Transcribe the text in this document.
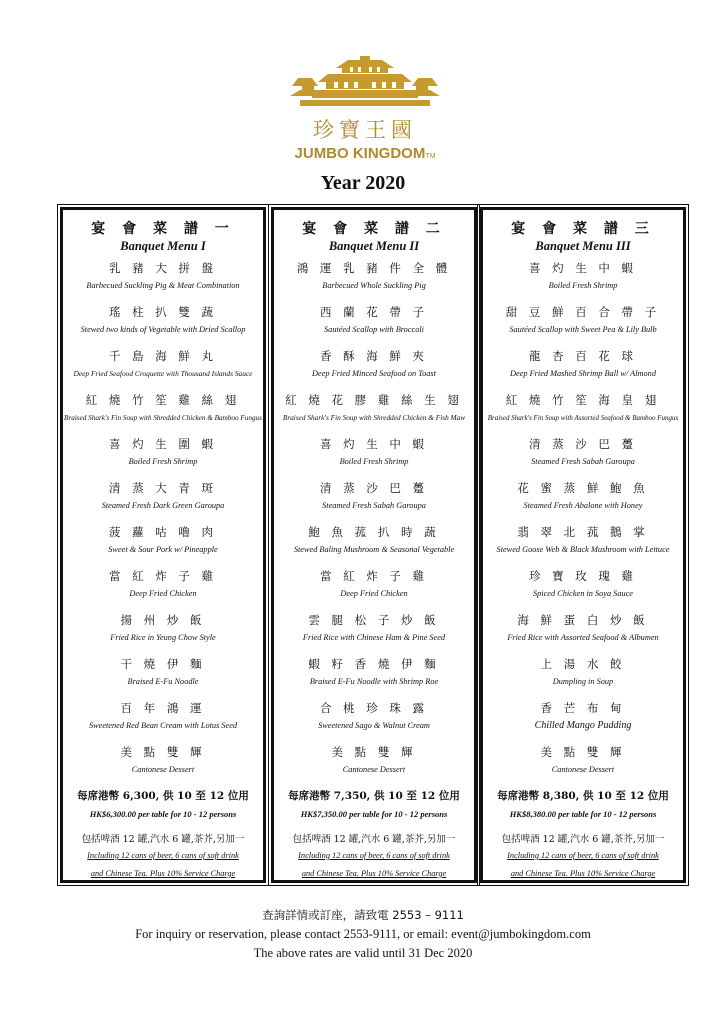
珍寶王國
JUMBO KINGDOMTM
Year 2020
宴 會 菜 譜 一
Banquet Menu I
乳 豬 大 拼 盤
Barbecued Suckling Pig & Meat Combination
瑤 柱 扒 雙 蔬
Stewed two kinds of Vegetable with Dried Scallop
千 島 海 鮮 丸
Deep Fried Seafood Croquette with Thousand Islands Sauce
紅 燒 竹 笙 雞 絲 翅
Braised Shark's Fin Soup with Shredded Chicken & Bamboo Fungus
喜 灼 生 圍 蝦
Boiled Fresh Shrimp
清 蒸 大 青 斑
Steamed Fresh Dark Green Garoupa
菠 蘿 咕 嚕 肉
Sweet & Sour Pork w/ Pineapple
當 紅 炸 子 雞
Deep Fried Chicken
揚 州 炒 飯
Fried Rice in Yeung Chow Style
干 燒 伊 麵
Braised E-Fu Noodle
百 年 鴻 運
Sweetened Red Bean Cream with Lotus Seed
美 點 雙 輝
Cantonese Dessert
每席港幣 6,300, 供 10 至 12 位用
HK$6,300.00 per table for 10 - 12 persons
包括啤酒 12 罐,汽水 6 罐,茶芥,另加一
Including 12 cans of beer, 6 cans of soft drink
and Chinese Tea. Plus 10% Service Charge
宴 會 菜 譜 二
Banquet Menu II
鴻 運 乳 豬 件 全 體
Barbecued Whole Suckling Pig
西 蘭 花 帶 子
Sautéed Scallop with Broccoli
香 酥 海 鮮 夾
Deep Fried Minced Seafood on Toast
紅 燒 花 膠 雞 絲 生 翅
Braised Shark's Fin Soup with Shredded Chicken & Fish Maw
喜 灼 生 中 蝦
Boiled Fresh Shrimp
清 蒸 沙 巴 躉
Steamed Fresh Sabah Garoupa
鮑 魚 菰 扒 時 蔬
Stewed Baling Mushroom & Seasonal Vegetable
當 紅 炸 子 雞
Deep Fried Chicken
雲 腿 松 子 炒 飯
Fried Rice with Chinese Ham & Pine Seed
蝦 籽 香 燒 伊 麵
Braised E-Fu Noodle with Shrimp Roe
合 桃 珍 珠 露
Sweetened Sago & Walnut Cream
美 點 雙 輝
Cantonese Dessert
每席港幣 7,350, 供 10 至 12 位用
HK$7,350.00 per table for 10 - 12 persons
包括啤酒 12 罐,汽水 6 罐,茶芥,另加一
Including 12 cans of beer, 6 cans of soft drink
and Chinese Tea. Plus 10% Service Charge
宴 會 菜 譜 三
Banquet Menu III
喜 灼 生 中 蝦
Boiled Fresh Shrimp
甜 豆 鮮 百 合 帶 子
Sautéed Scallop with Sweet Pea & Lily Bulb
龍 杏 百 花 球
Deep Fried Mashed Shrimp Ball w/ Almond
紅 燒 竹 笙 海 皇 翅
Braised Shark's Fin Soup with Assorted Seafood & Bamboo Fungus
清 蒸 沙 巴 躉
Steamed Fresh Sabah Garoupa
花 蜜 蒸 鮮 鮑 魚
Steamed Fresh Abalone with Honey
翡 翠 北 菰 鵝 掌
Stewed Goose Web & Black Mushroom with Lettuce
珍 寶 玫 瑰 雞
Spiced Chicken in Soya Sauce
海 鮮 蛋 白 炒 飯
Fried Rice with Assorted Seafood & Albumen
上 湯 水 餃
Dumpling in Soup
香 芒 布 甸
Chilled Mango Pudding
美 點 雙 輝
Cantonese Dessert
每席港幣 8,380, 供 10 至 12 位用
HK$8,380.00 per table for 10 - 12 persons
包括啤酒 12 罐,汽水 6 罐,茶芥,另加一
Including 12 cans of beer, 6 cans of soft drink
and Chinese Tea. Plus 10% Service Charge
查詢詳情或訂座，請致電 2553 – 9111
For inquiry or reservation, please contact 2553-9111, or email: event@jumbokingdom.com
The above rates are valid until 31 Dec 2020
